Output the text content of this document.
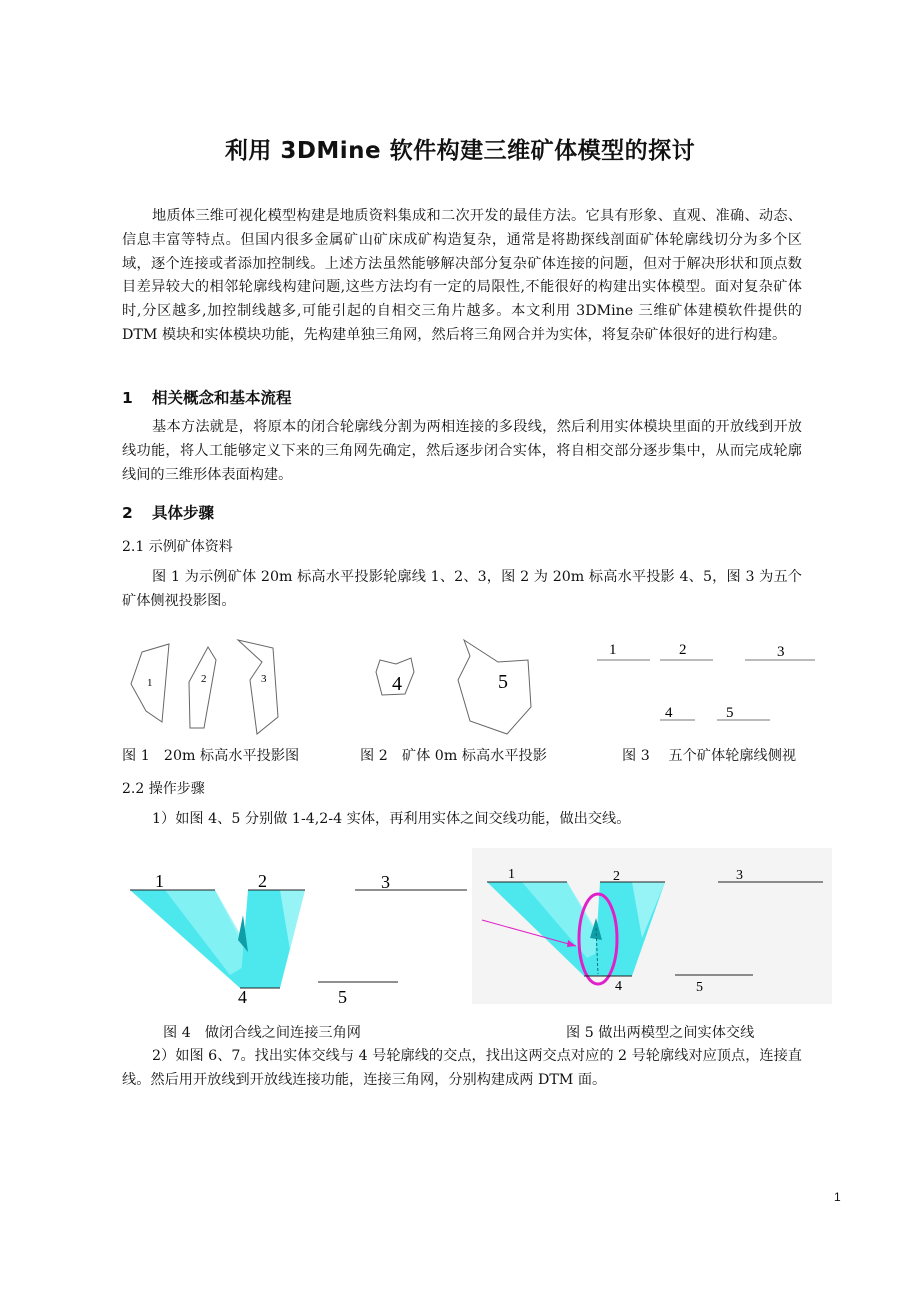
利用 3DMine 软件构建三维矿体模型的探讨

地质体三维可视化模型构建是地质资料集成和二次开发的最佳方法。它具有形象、直观、准确、动态、信息丰富等特点。但国内很多金属矿山矿床成矿构造复杂，通常是将勘探线剖面矿体轮廓线切分为多个区域，逐个连接或者添加控制线。上述方法虽然能够解决部分复杂矿体连接的问题，但对于解决形状和顶点数目差异较大的相邻轮廓线构建问题,这些方法均有一定的局限性,不能很好的构建出实体模型。面对复杂矿体时,分区越多,加控制线越多,可能引起的自相交三角片越多。本文利用 3DMine 三维矿体建模软件提供的 DTM 模块和实体模块功能，先构建单独三角网，然后将三角网合并为实体，将复杂矿体很好的进行构建。

1 相关概念和基本流程

基本方法就是，将原本的闭合轮廓线分割为两相连接的多段线，然后利用实体模块里面的开放线到开放线功能，将人工能够定义下来的三角网先确定，然后逐步闭合实体，将自相交部分逐步集中，从而完成轮廓线间的三维形体表面构建。

2 具体步骤
2.1 示例矿体资料

图 1 为示例矿体 20m 标高水平投影轮廓线 1、2、3，图 2 为 20m 标高水平投影 4、5，图 3 为五个矿体侧视投影图。

1	2	3	4	5
1	2	3
4	5
图 1　20m 标高水平投影图	图 2　矿体 0m 标高水平投影	图 3　 五个矿体轮廓线侧视
2.2 操作步骤

1）如图 4、5 分别做 1-4,2-4 实体，再利用实体之间交线功能，做出交线。

1	2	3
4	5
1	2	3
4	5
图 4　做闭合线之间连接三角网	图 5 做出两模型之间实体交线

2）如图 6、7。找出实体交线与 4 号轮廓线的交点，找出这两交点对应的 2 号轮廓线对应顶点，连接直线。然后用开放线到开放线连接功能，连接三角网，分别构建成两 DTM 面。

1
